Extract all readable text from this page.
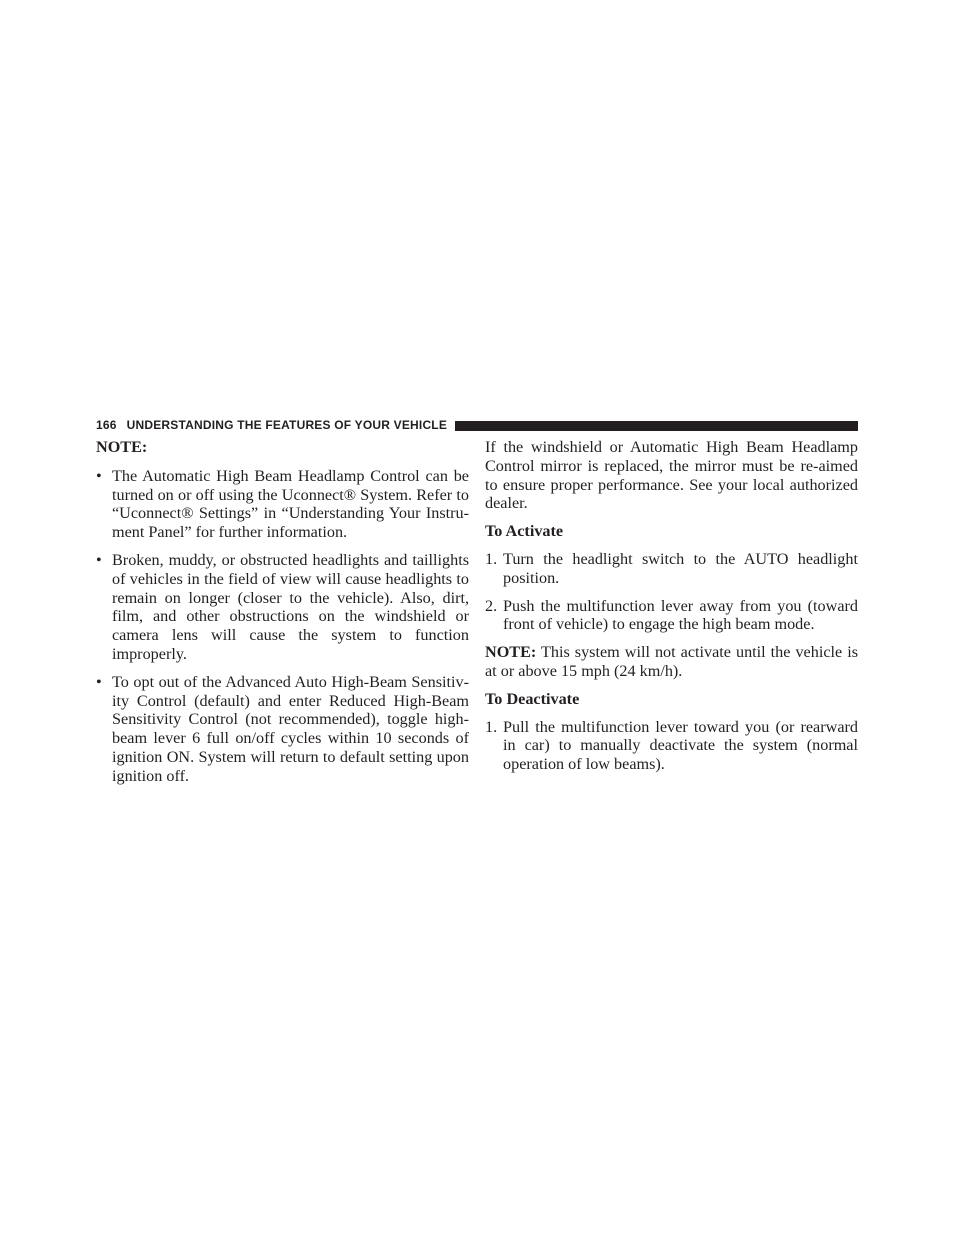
166 UNDERSTANDING THE FEATURES OF YOUR VEHICLE

NOTE:

• The Automatic High Beam Headlamp Control can be turned on or off using the Uconnect® System. Refer to “Uconnect® Settings” in “Understanding Your Instru-ment Panel” for further information.
• Broken, muddy, or obstructed headlights and taillights of vehicles in the field of view will cause headlights to remain on longer (closer to the vehicle). Also, dirt, film, and other obstructions on the windshield or camera lens will cause the system to function improperly.
• To opt out of the Advanced Auto High-Beam Sensitiv-ity Control (default) and enter Reduced High-Beam Sensitivity Control (not recommended), toggle high-beam lever 6 full on/off cycles within 10 seconds of ignition ON. System will return to default setting upon ignition off.

If the windshield or Automatic High Beam Headlamp Control mirror is replaced, the mirror must be re-aimed to ensure proper performance. See your local authorized dealer.

To Activate

1. Turn the headlight switch to the AUTO headlight position.
2. Push the multifunction lever away from you (toward front of vehicle) to engage the high beam mode.

NOTE: This system will not activate until the vehicle is at or above 15 mph (24 km/h).

To Deactivate

1. Pull the multifunction lever toward you (or rearward in car) to manually deactivate the system (normal operation of low beams).
